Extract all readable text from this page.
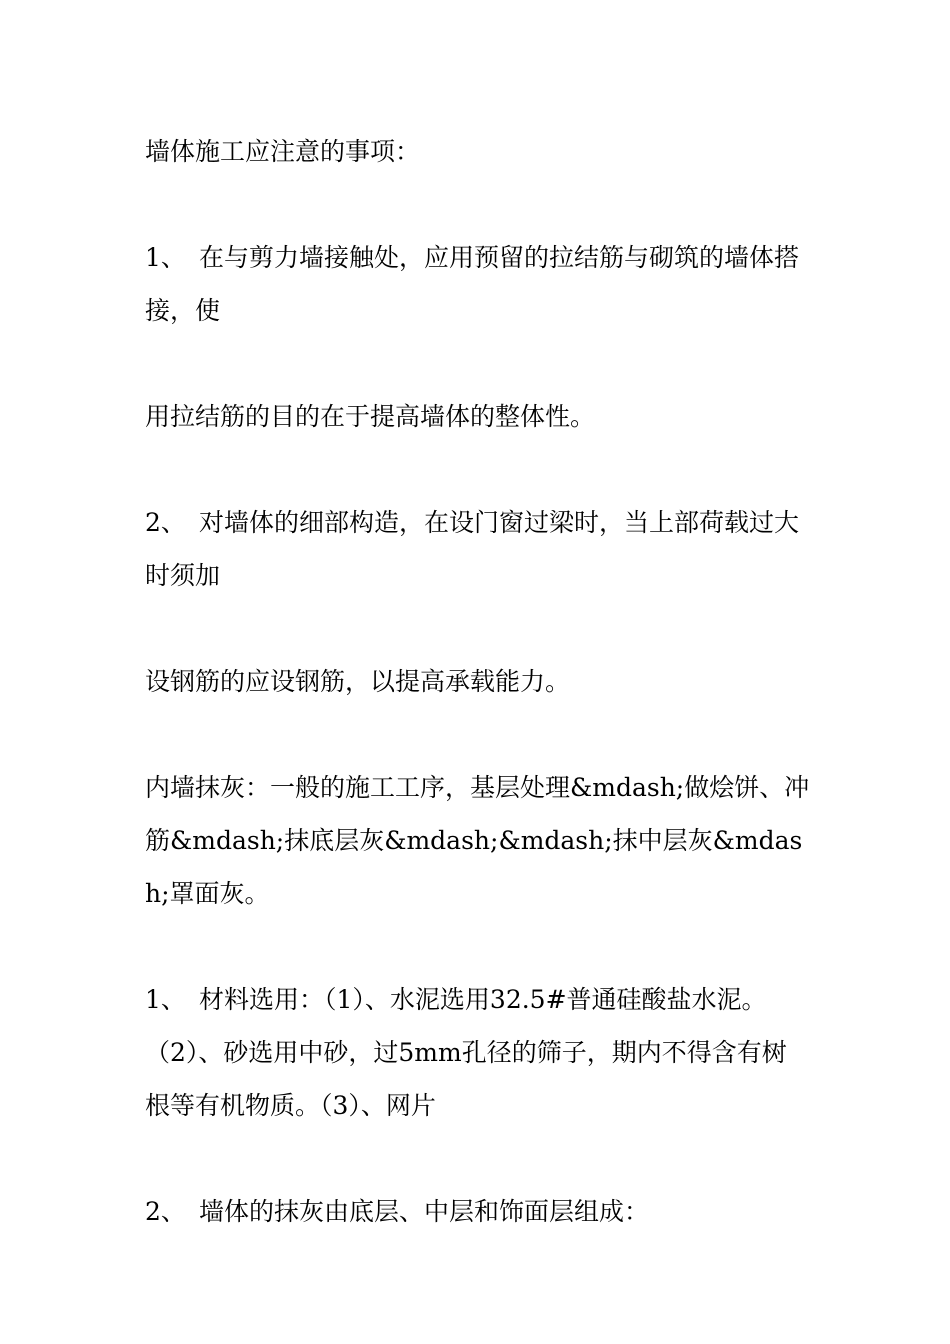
墙体施工应注意的事项：

1、 在与剪力墙接触处，应用预留的拉结筋与砌筑的墙体搭接，使

用拉结筋的目的在于提高墙体的整体性。

2、 对墙体的细部构造，在设门窗过梁时，当上部荷载过大时须加

设钢筋的应设钢筋，以提高承载能力。

内墙抹灰：一般的施工工序，基层处理&mdash;做烩饼、冲筋&mdash;抹底层灰&mdash;&mdash;抹中层灰&mdash;罩面灰。

1、 材料选用：（1）、水泥选用32.5#普通硅酸盐水泥。（2）、砂选用中砂，过5mm孔径的筛子，期内不得含有树根等有机物质。（3）、网片

2、 墙体的抹灰由底层、中层和饰面层组成：
